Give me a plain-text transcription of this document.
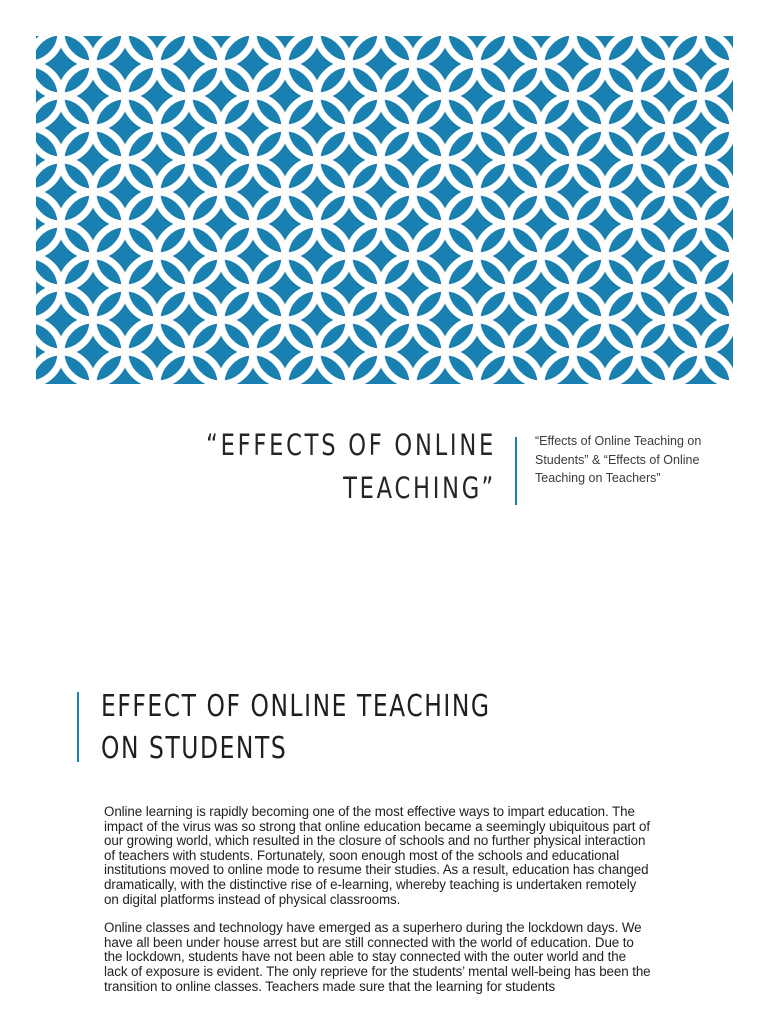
“EFFECTS OF ONLINE TEACHING”
“Effects of Online Teaching on Students” & “Effects of Online Teaching on Teachers”
EFFECT OF ONLINE TEACHING ON STUDENTS

Online learning is rapidly becoming one of the most effective ways to impart education. The impact of the virus was so strong that online education became a seemingly ubiquitous part of our growing world, which resulted in the closure of schools and no further physical interaction of teachers with students. Fortunately, soon enough most of the schools and educational institutions moved to online mode to resume their studies. As a result, education has changed dramatically, with the distinctive rise of e-learning, whereby teaching is undertaken remotely on digital platforms instead of physical classrooms.

Online classes and technology have emerged as a superhero during the lockdown days. We have all been under house arrest but are still connected with the world of education. Due to the lockdown, students have not been able to stay connected with the outer world and the lack of exposure is evident. The only reprieve for the students’ mental well-being has been the transition to online classes. Teachers made sure that the learning for students
